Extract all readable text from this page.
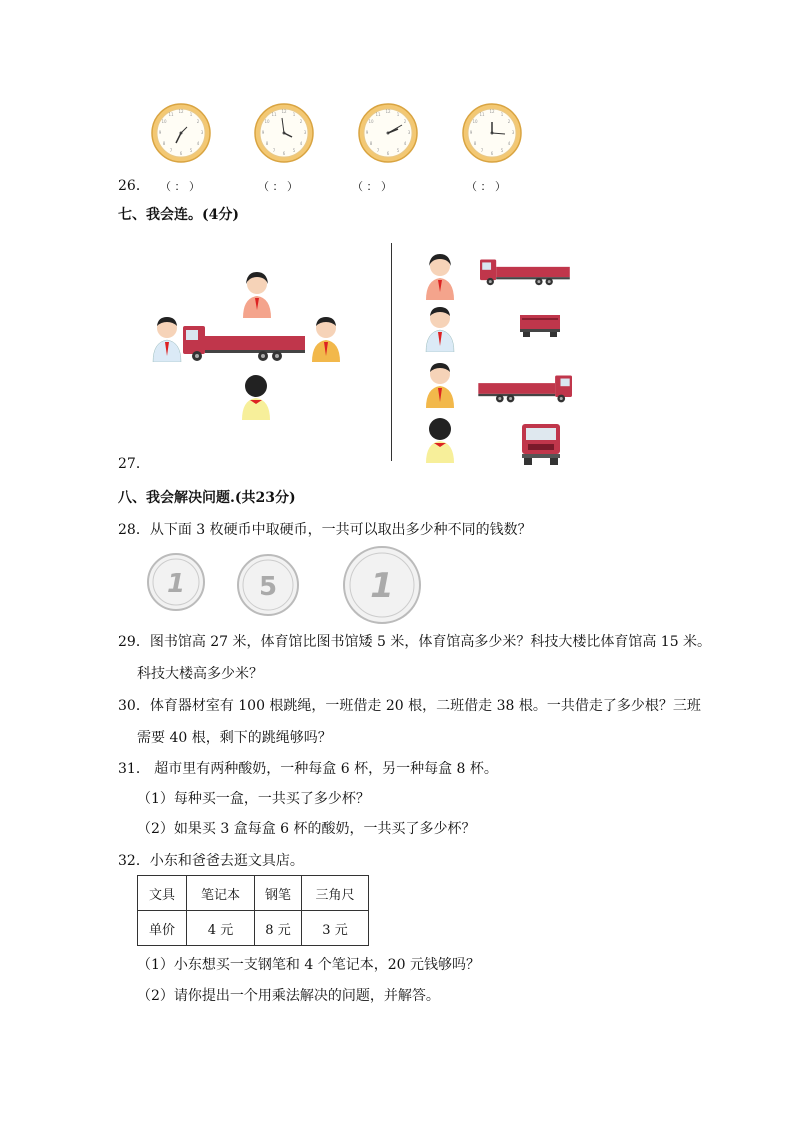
26． （ ： ）	（ ： ）	（ ： ）	（ ： ）
七、我会连。(4分)
27．
八、我会解决问题.(共23分)
28．从下面 3 枚硬币中取硬币，一共可以取出多少种不同的钱数？
1	5	1
29．图书馆高 27 米，体育馆比图书馆矮 5 米，体育馆高多少米？科技大楼比体育馆高 15 米。
科技大楼高多少米？
30．体育器材室有 100 根跳绳，一班借走 20 根，二班借走 38 根。一共借走了多少根？三班
需要 40 根，剩下的跳绳够吗？
31． 超市里有两种酸奶，一种每盒 6 杯，另一种每盒 8 杯。
（1）每种买一盒，一共买了多少杯？
（2）如果买 3 盒每盒 6 杯的酸奶，一共买了多少杯？
32．小东和爸爸去逛文具店。
文具	笔记本	钢笔	三角尺
单价	4 元	8 元	3 元
（1）小东想买一支钢笔和 4 个笔记本，20 元钱够吗？
（2）请你提出一个用乘法解决的问题，并解答。
